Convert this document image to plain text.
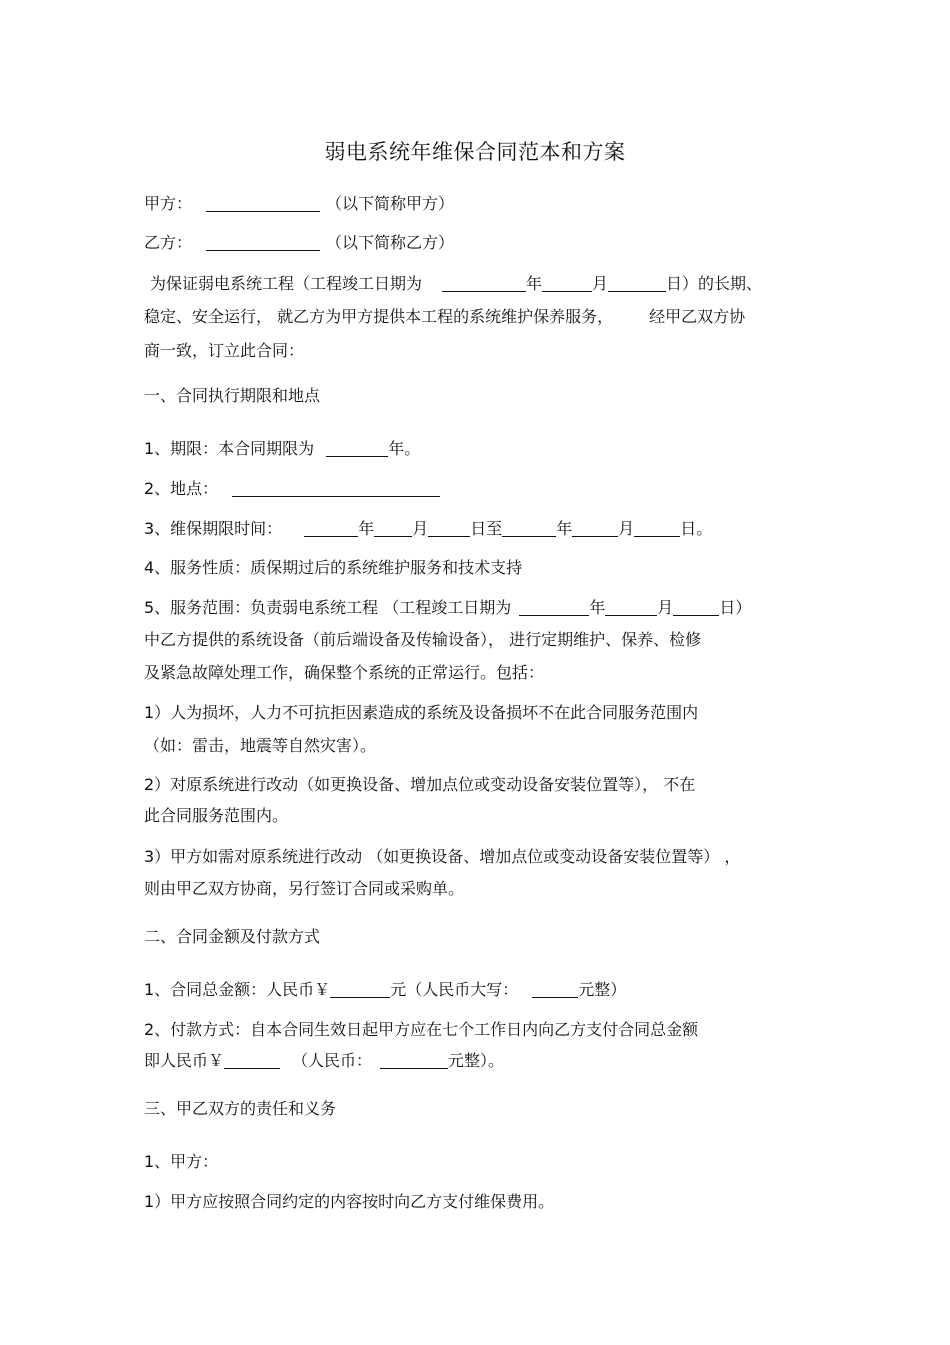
弱电系统年维保合同范本和方案
甲方：	（以下简称甲方）
乙方：	（以下简称乙方）
为保证弱电系统工程（工程竣工日期为	年	月	日）的长期、
稳定、安全运行， 就乙方为甲方提供本工程的系统维护保养服务， 经甲乙双方协
商一致，订立此合同：
一、合同执行期限和地点
1、期限：本合同期限为	年。
2、地点：
3、维保期限时间：	年 月	日至	年	月	日。
4、服务性质：质保期过后的系统维护服务和技术支持
5、服务范围：负责弱电系统工程 （工程竣工日期为	年	月	日）
中乙方提供的系统设备（前后端设备及传输设备）， 进行定期维护、保养、检修
及紧急故障处理工作，确保整个系统的正常运行。包括：
1）人为损坏，人力不可抗拒因素造成的系统及设备损坏不在此合同服务范围内
（如：雷击，地震等自然灾害）。
2）对原系统进行改动（如更换设备、增加点位或变动设备安装位置等）， 不在
此合同服务范围内。
3）甲方如需对原系统进行改动 （如更换设备、增加点位或变动设备安装位置等） ，
则由甲乙双方协商，另行签订合同或采购单。
二、合同金额及付款方式
1、合同总金额：人民币￥	元（人民币大写：	元整）
2、付款方式：自本合同生效日起甲方应在七个工作日内向乙方支付合同总金额
即人民币￥	（人民币：	元整）。
三、甲乙双方的责任和义务
1、甲方：
1）甲方应按照合同约定的内容按时向乙方支付维保费用。
